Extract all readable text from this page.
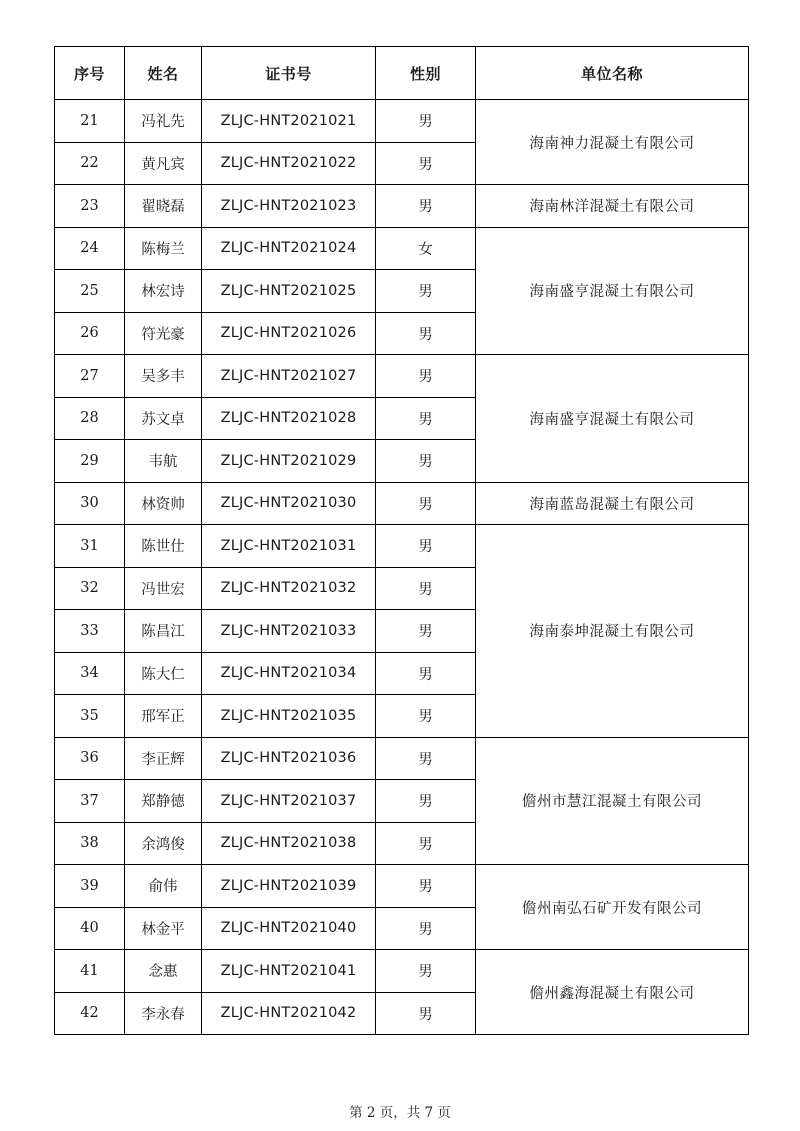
序号	姓名	证书号	性别	单位名称
21	冯礼先	ZLJC-HNT2021021	男	海南神力混凝土有限公司
22	黄凡宾	ZLJC-HNT2021022	男	
23	翟晓磊	ZLJC-HNT2021023	男	海南林洋混凝土有限公司
24	陈梅兰	ZLJC-HNT2021024	女	海南盛亨混凝土有限公司
25	林宏诗	ZLJC-HNT2021025	男	
26	符光豪	ZLJC-HNT2021026	男	
27	吴多丰	ZLJC-HNT2021027	男	海南盛亨混凝土有限公司
28	苏文卓	ZLJC-HNT2021028	男	
29	韦航	ZLJC-HNT2021029	男	
30	林资帅	ZLJC-HNT2021030	男	海南蓝岛混凝土有限公司
31	陈世仕	ZLJC-HNT2021031	男	海南泰坤混凝土有限公司
32	冯世宏	ZLJC-HNT2021032	男	
33	陈昌江	ZLJC-HNT2021033	男	
34	陈大仁	ZLJC-HNT2021034	男	
35	邢军正	ZLJC-HNT2021035	男	
36	李正辉	ZLJC-HNT2021036	男	儋州市慧江混凝土有限公司
37	郑静德	ZLJC-HNT2021037	男	
38	余鸿俊	ZLJC-HNT2021038	男	
39	俞伟	ZLJC-HNT2021039	男	儋州南弘石矿开发有限公司
40	林金平	ZLJC-HNT2021040	男	
41	念惠	ZLJC-HNT2021041	男	儋州鑫海混凝土有限公司
42	李永春	ZLJC-HNT2021042	男	
第 2 页，共 7 页
